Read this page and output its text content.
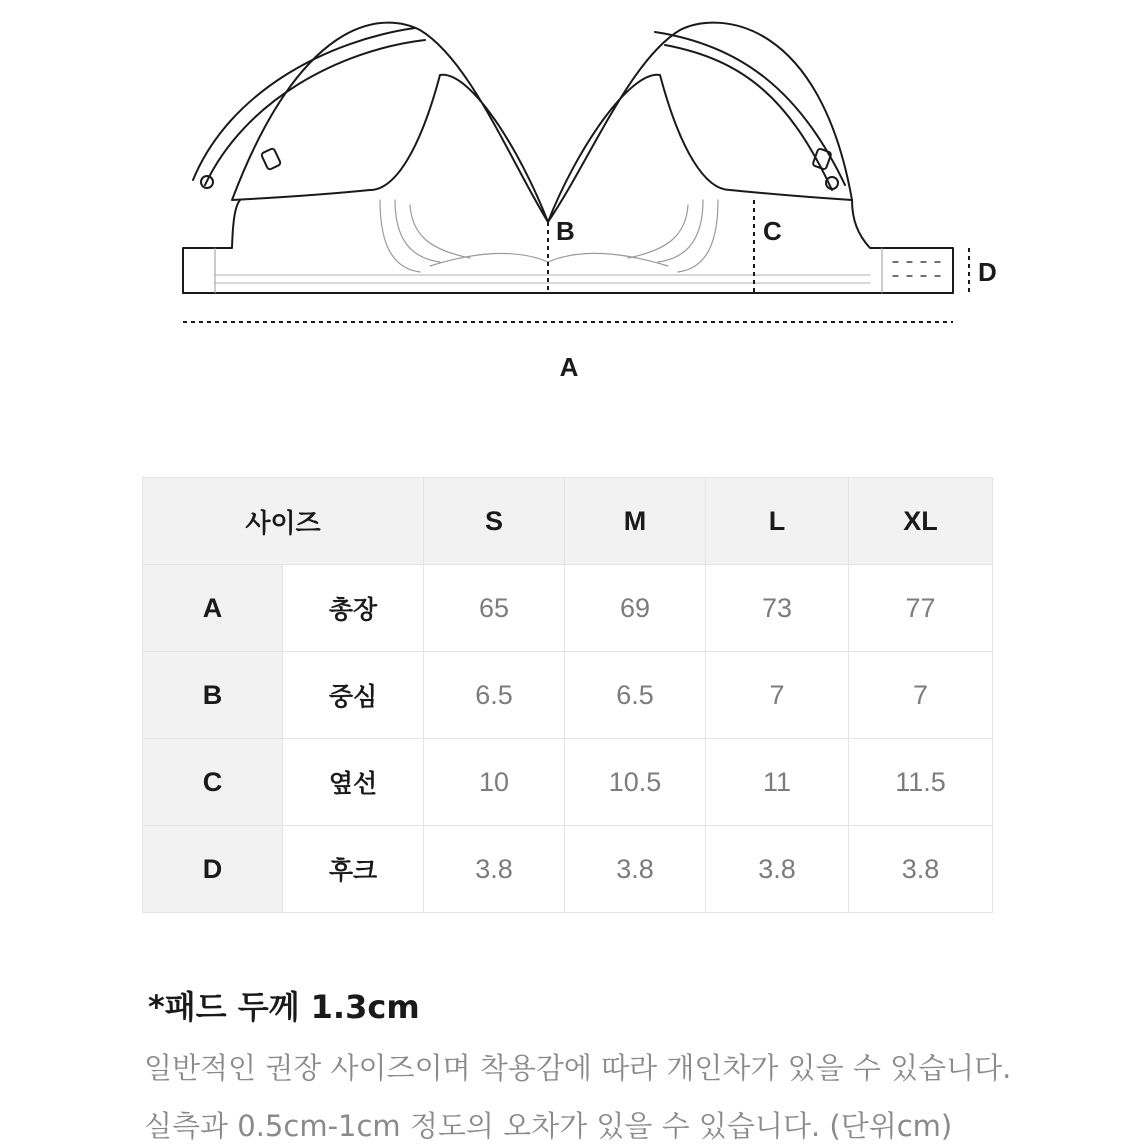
A
B	C
D
사이즈		S	M	L	XL
A	총장	65	69	73	77
B	중심	6.5	6.5	7	7
C	옆선	10	10.5	11	11.5
D	후크	3.8	3.8	3.8	3.8

*패드 두께 1.3cm

일반적인 권장 사이즈이며 착용감에 따라 개인차가 있을 수 있습니다.

실측과 0.5cm-1cm 정도의 오차가 있을 수 있습니다. (단위cm)
